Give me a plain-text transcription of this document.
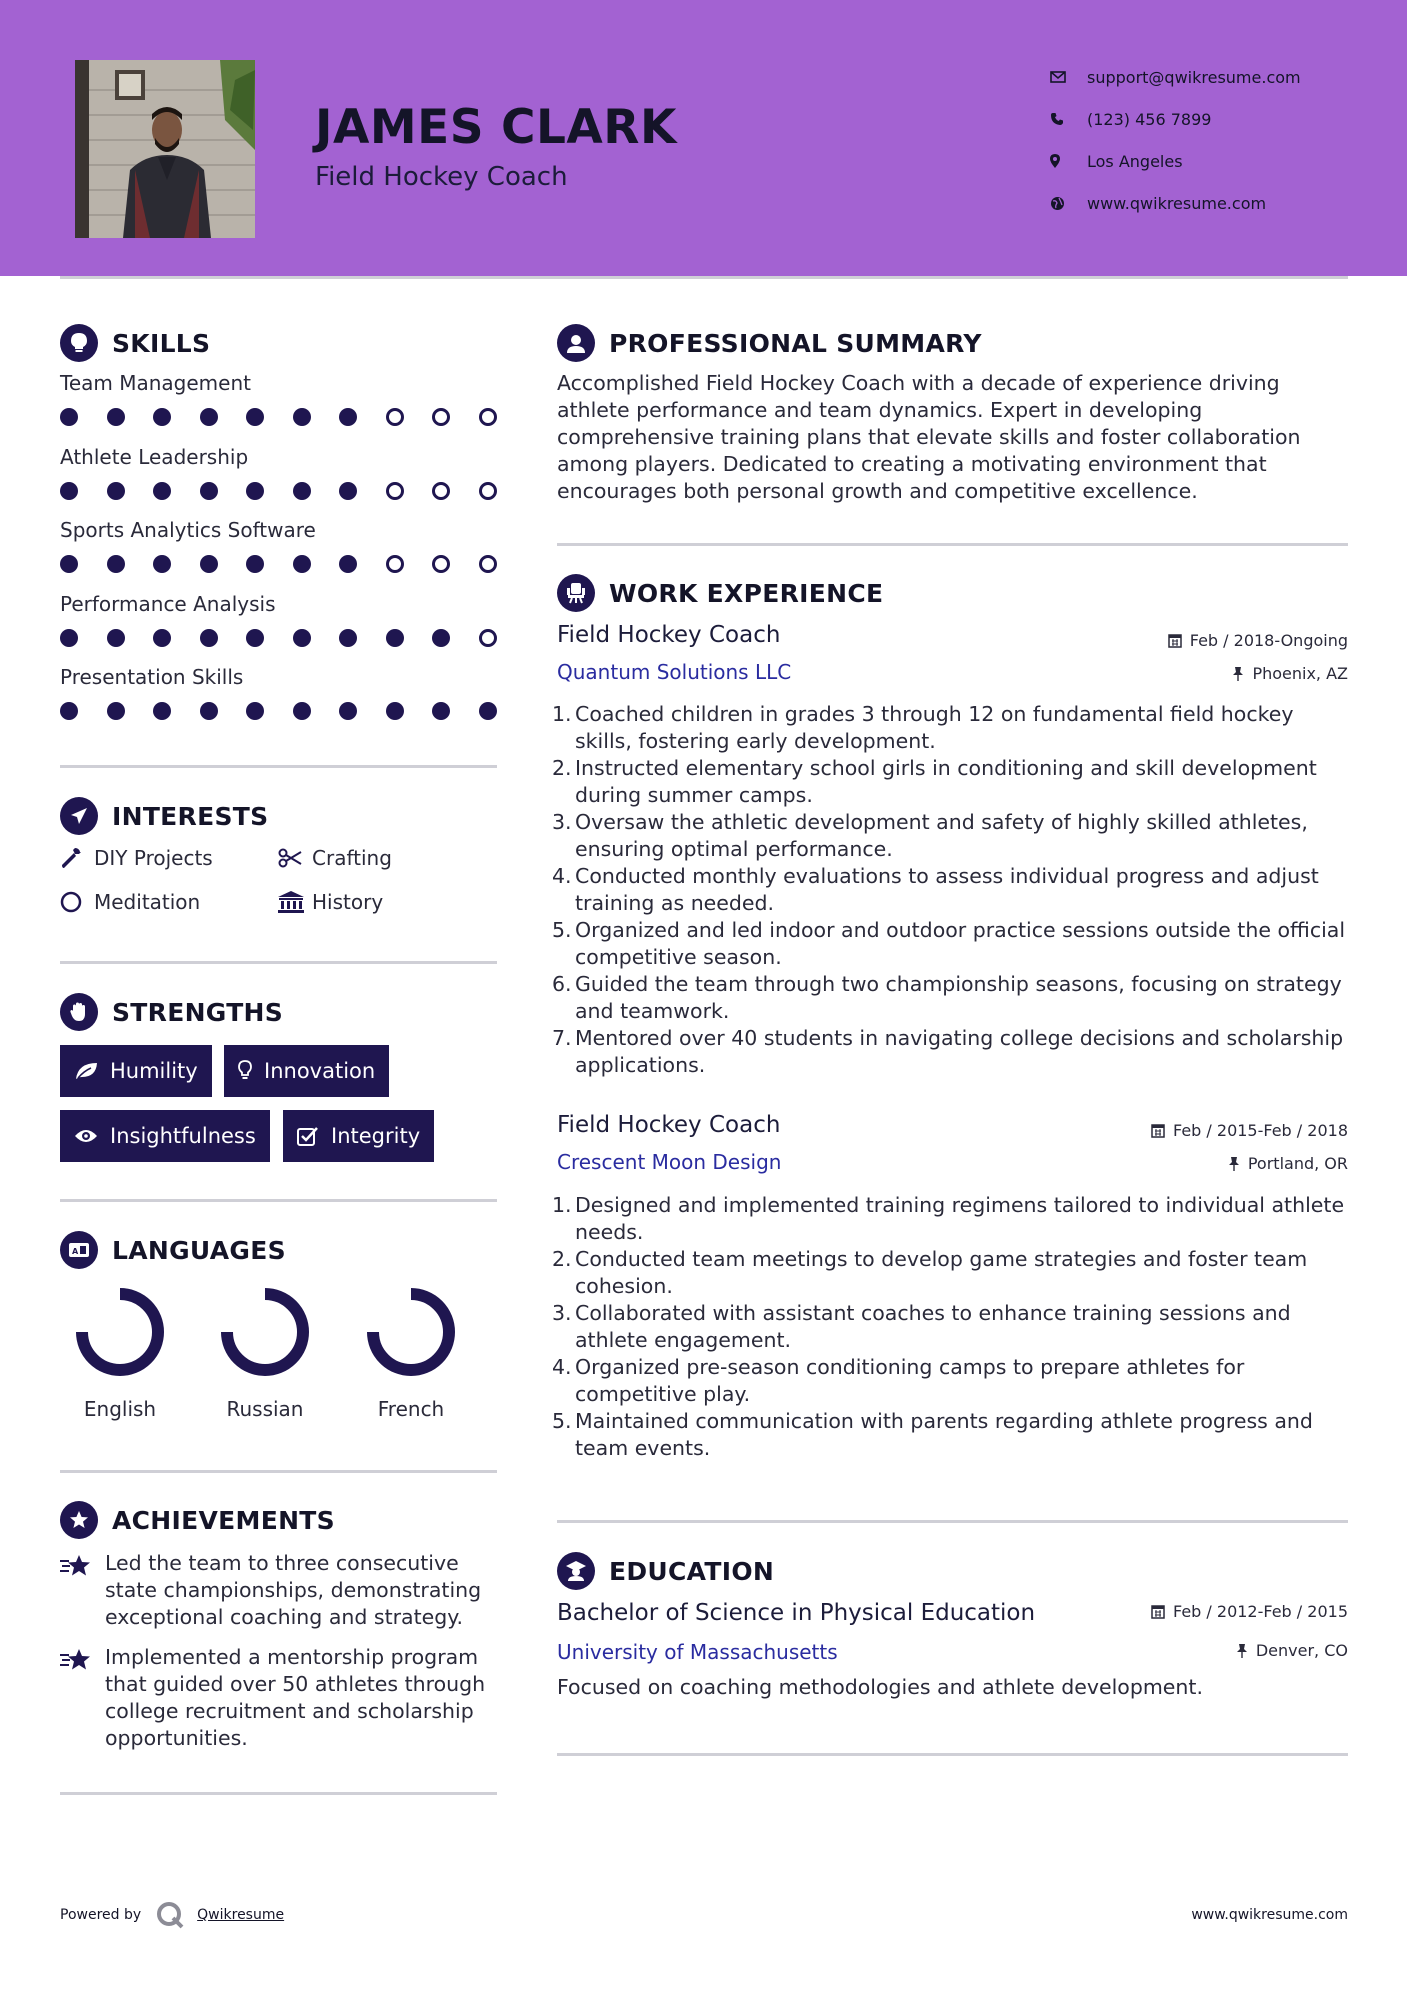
JAMES CLARK
Field Hockey Coach
support@qwikresume.com
(123) 456 7899
Los Angeles
www.qwikresume.com
SKILLS
Team Management
Athlete Leadership
Sports Analytics Software
Performance Analysis
Presentation Skills
INTERESTS
DIY Projects	Crafting
Meditation	History
STRENGTHS
Humility	Innovation
Insightfulness	Integrity
A LANGUAGES
English	Russian	French
ACHIEVEMENTS
Led the team to three consecutive state championships, demonstrating exceptional coaching and strategy.
Implemented a mentorship program that guided over 50 athletes through college recruitment and scholarship opportunities.
PROFESSIONAL SUMMARY
Accomplished Field Hockey Coach with a decade of experience driving athlete performance and team dynamics. Expert in developing comprehensive training plans that elevate skills and foster collaboration among players. Dedicated to creating a motivating environment that encourages both personal growth and competitive excellence.
WORK EXPERIENCE
Field Hockey Coach	Feb / 2018-Ongoing
Quantum Solutions LLC	Phoenix, AZ
1. Coached children in grades 3 through 12 on fundamental field hockey skills, fostering early development.
2. Instructed elementary school girls in conditioning and skill development during summer camps.
3. Oversaw the athletic development and safety of highly skilled athletes, ensuring optimal performance.
4. Conducted monthly evaluations to assess individual progress and adjust training as needed.
5. Organized and led indoor and outdoor practice sessions outside the official competitive season.
6. Guided the team through two championship seasons, focusing on strategy and teamwork.
7. Mentored over 40 students in navigating college decisions and scholarship applications.
Field Hockey Coach	Feb / 2015-Feb / 2018
Crescent Moon Design	Portland, OR
1. Designed and implemented training regimens tailored to individual athlete needs.
2. Conducted team meetings to develop game strategies and foster team cohesion.
3. Collaborated with assistant coaches to enhance training sessions and athlete engagement.
4. Organized pre-season conditioning camps to prepare athletes for competitive play.
5. Maintained communication with parents regarding athlete progress and team events.
EDUCATION
Bachelor of Science in Physical Education	Feb / 2012-Feb / 2015
University of Massachusetts	Denver, CO
Focused on coaching methodologies and athlete development.
Powered by	Qwikresume	www.qwikresume.com
